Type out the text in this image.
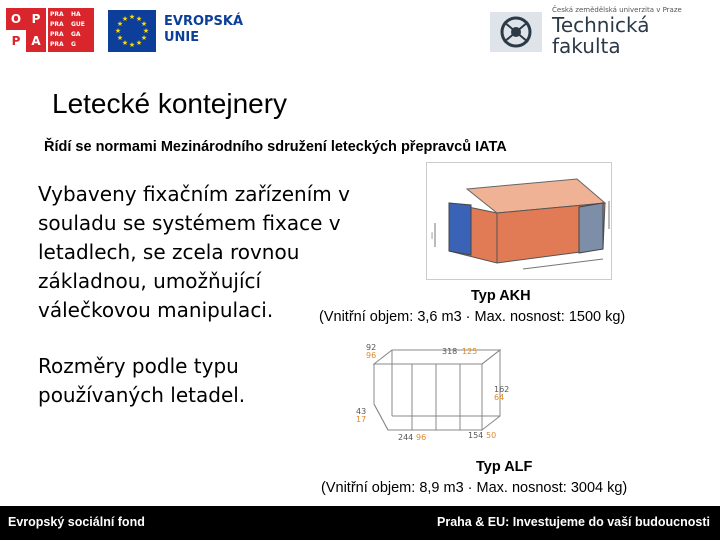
O P
P A
PRA	HA
PRA	GUE
PRA	GA
PRA	G
★ ★
★
★
★
★
★
★
★
★
★
★	EVROPSKÁ
UNIE
Česká zemědělská univerzita v Praze
Technická
fakulta
Letecké kontejnery
Řídí se normami Mezinárodního sdružení leteckých přepravců IATA
Vybaveny fixačním zařízením v souladu se systémem fixace v letadlech, se zcela rovnou základnou, umožňující válečkovou manipulaci.
Rozměry podle typu používaných letadel.
ꟾ
Typ AKH
(Vnitřní objem: 3,6 m3 · Max. nosnost: 1500 kg)
92
96	318 125
162
64
43
17
244 96	154 50
Typ ALF
(Vnitřní objem: 8,9 m3 · Max. nosnost: 3004 kg)
Evropský sociální fond	Praha & EU: Investujeme do vaší budoucnosti
